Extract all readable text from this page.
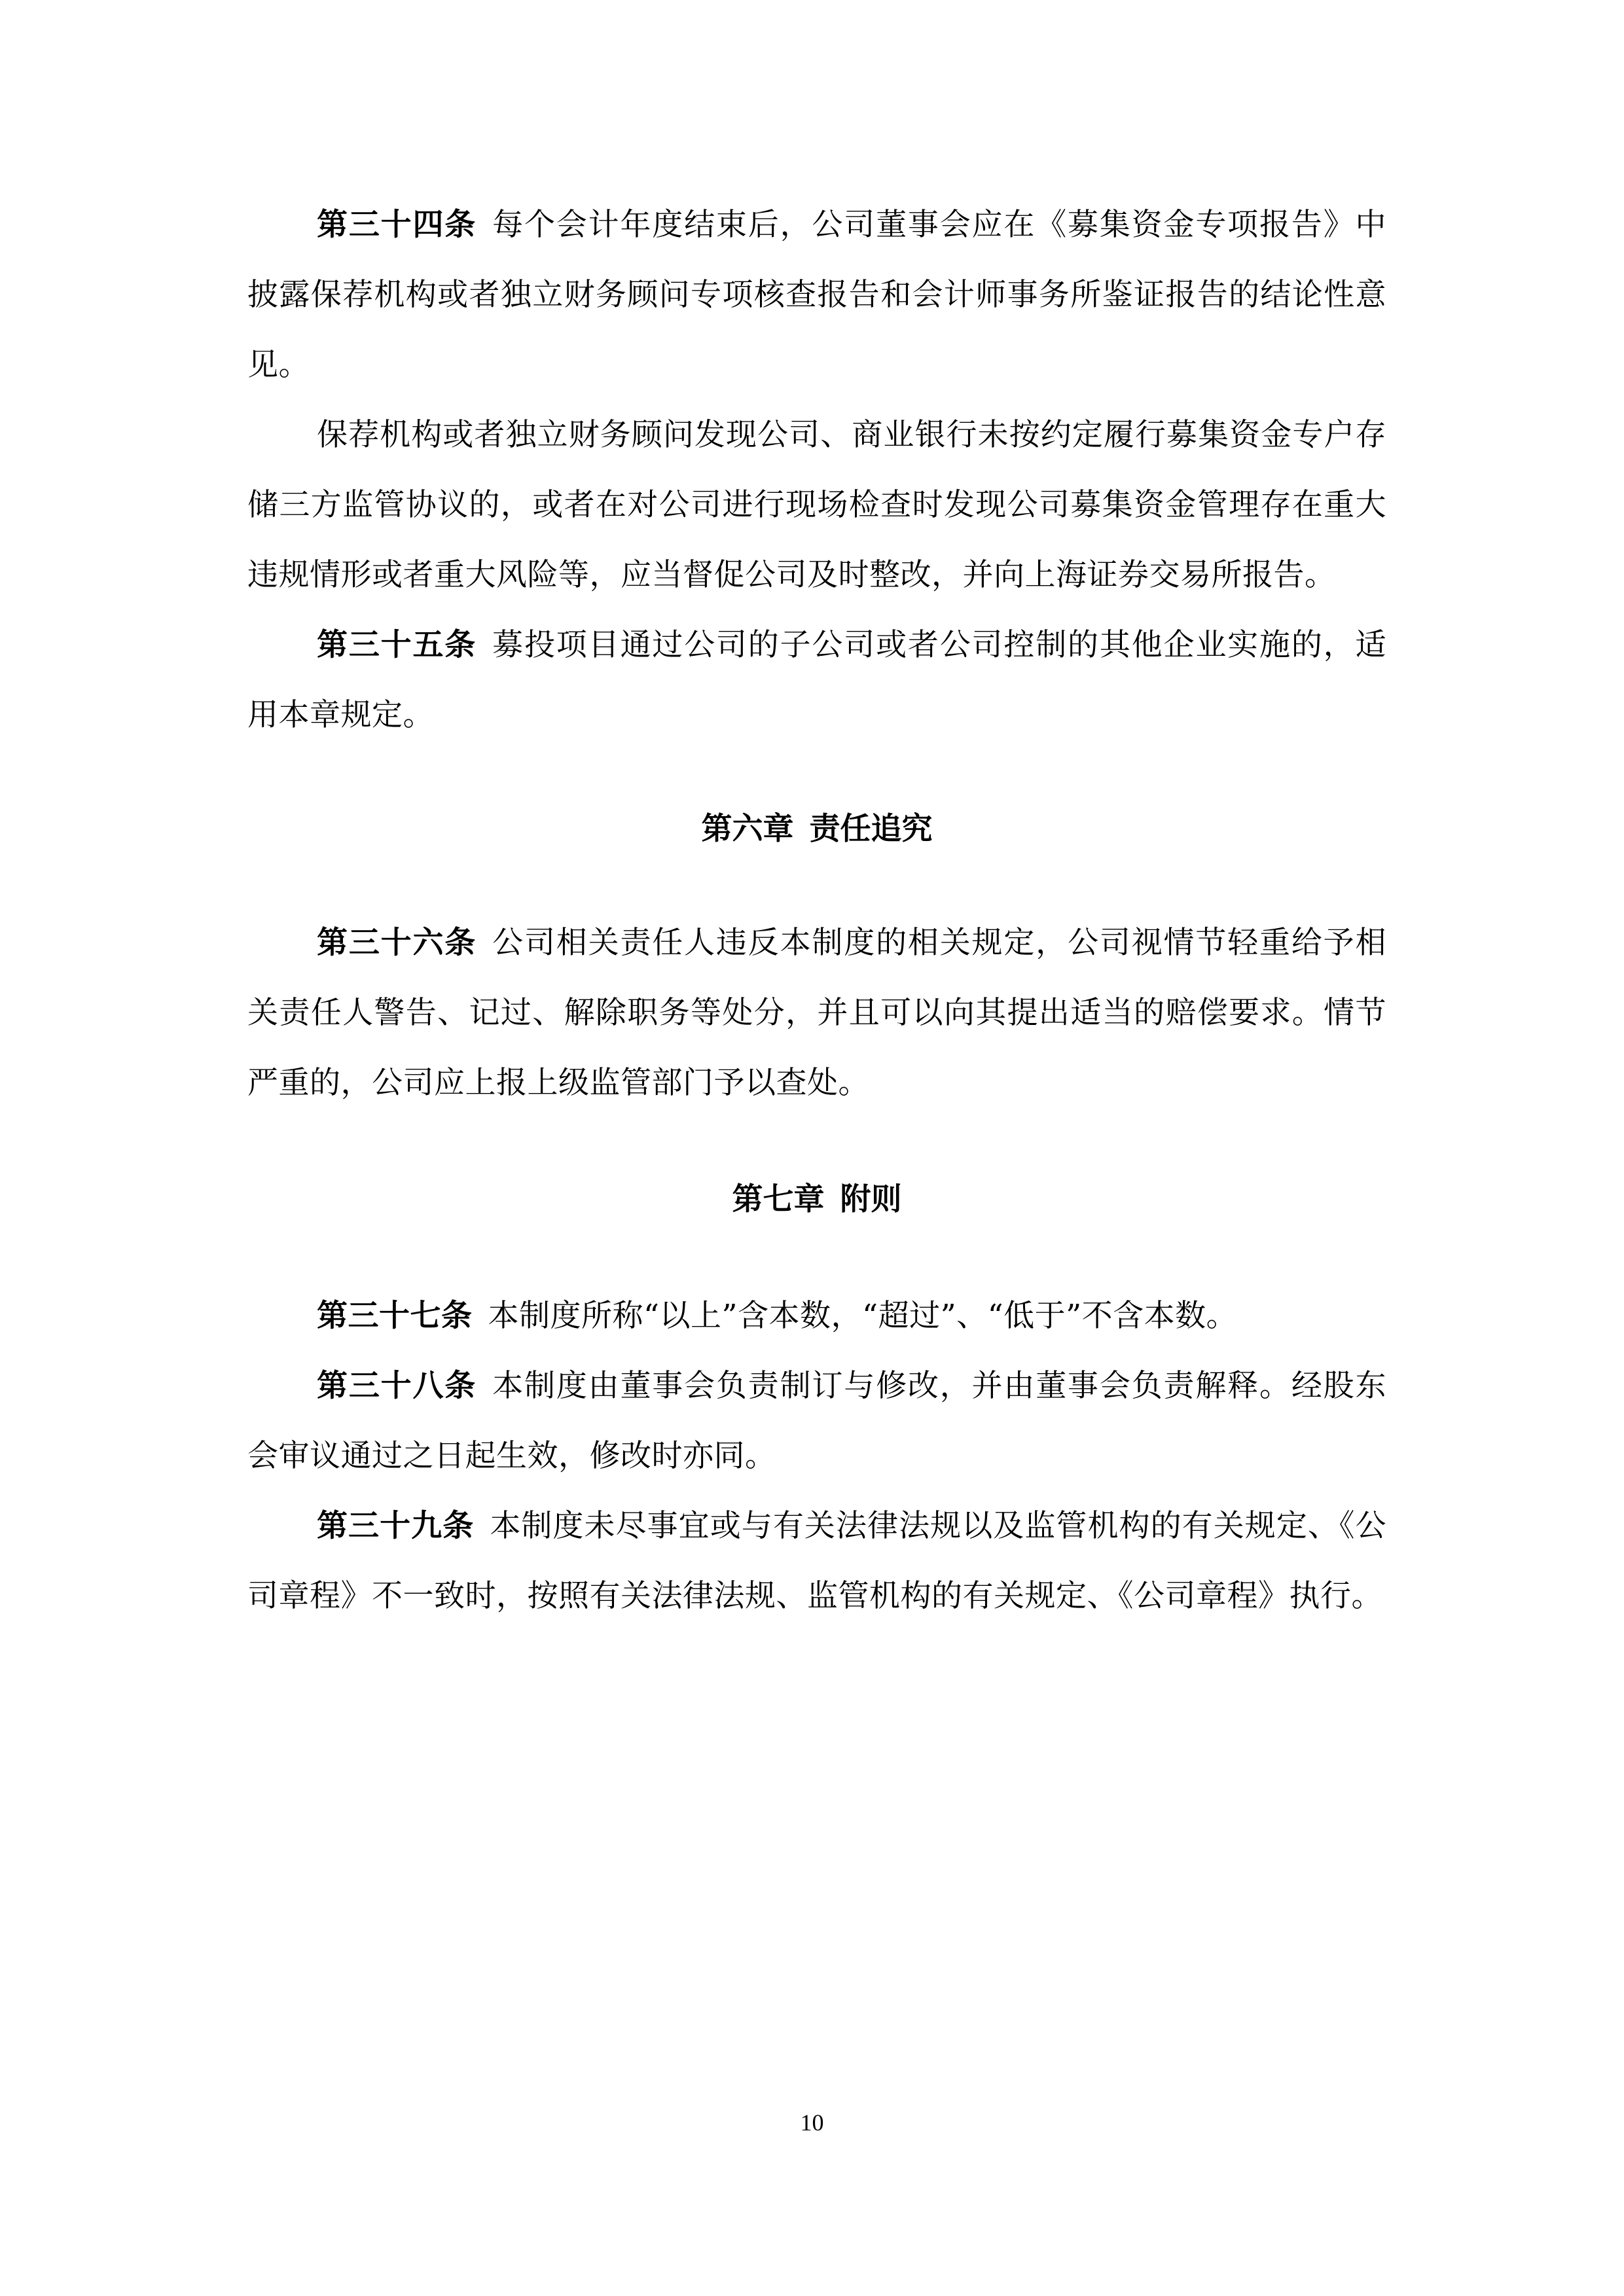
第三十四条 每个会计年度结束后，公司董事会应在《募集资金专项报告》中披露保荐机构或者独立财务顾问专项核查报告和会计师事务所鉴证报告的结论性意见。

保荐机构或者独立财务顾问发现公司、商业银行未按约定履行募集资金专户存储三方监管协议的，或者在对公司进行现场检查时发现公司募集资金管理存在重大违规情形或者重大风险等，应当督促公司及时整改，并向上海证券交易所报告。

第三十五条 募投项目通过公司的子公司或者公司控制的其他企业实施的，适用本章规定。

第六章 责任追究

第三十六条 公司相关责任人违反本制度的相关规定，公司视情节轻重给予相关责任人警告、记过、解除职务等处分，并且可以向其提出适当的赔偿要求。情节严重的，公司应上报上级监管部门予以查处。

第七章 附则

第三十七条 本制度所称“以上”含本数，“超过”、“低于”不含本数。

第三十八条 本制度由董事会负责制订与修改，并由董事会负责解释。经股东会审议通过之日起生效，修改时亦同。

第三十九条 本制度未尽事宜或与有关法律法规以及监管机构的有关规定、《公司章程》不一致时，按照有关法律法规、监管机构的有关规定、《公司章程》执行。

10
